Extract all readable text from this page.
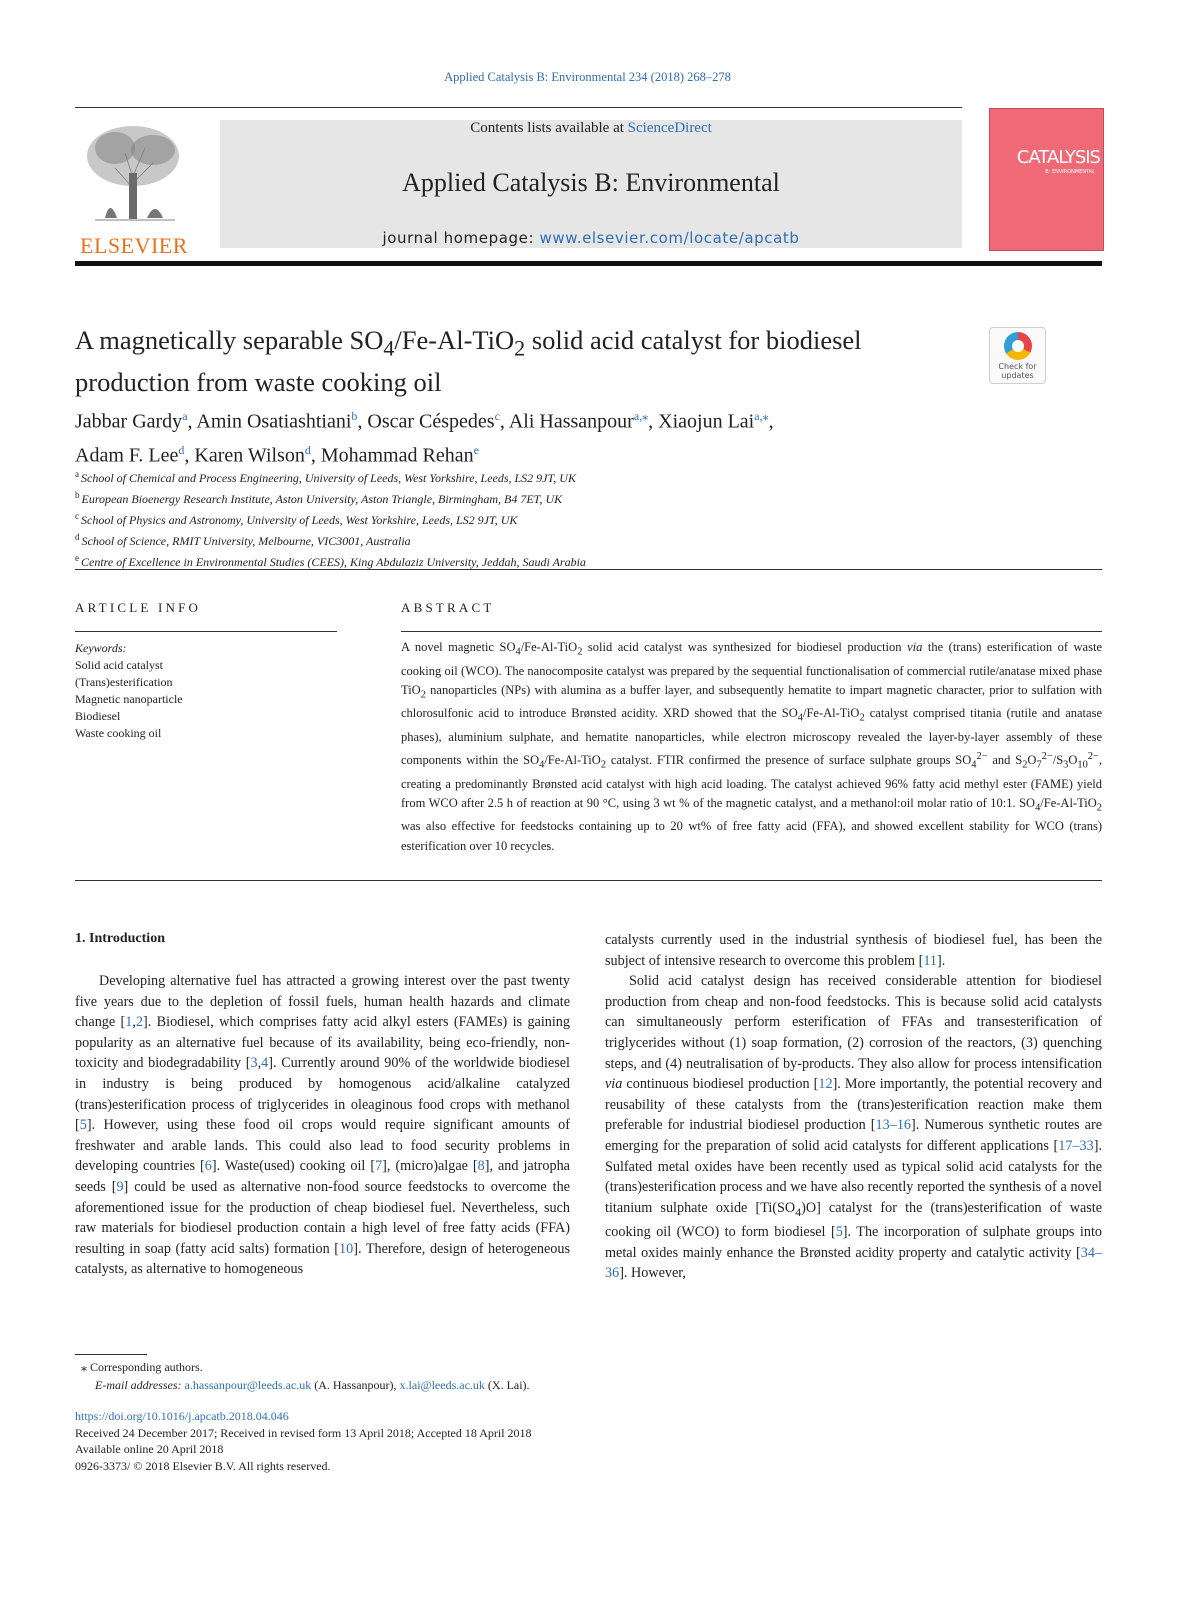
Applied Catalysis B: Environmental 234 (2018) 268–278
ELSEVIER
Contents lists available at ScienceDirect
Applied Catalysis B: Environmental
journal homepage: www.elsevier.com/locate/apcatb
CATALYSIS
B: ENVIRONMENTAL
A magnetically separable $SO_4/Fe-Al-TiO_2$ solid acid catalyst for biodiesel production from waste cooking oil
Check for updates
Jabbar Gardy$^a$, Amin Osatiashtiani$^b$, Oscar Céspedes$^c$, Ali Hassanpour$^{a,⁎}$, Xiaojun Lai$^{a,⁎}$,
Adam F. Lee$^d$, Karen Wilson$^d$, Mohammad Rehan$^e$
$^a$ School of Chemical and Process Engineering, University of Leeds, West Yorkshire, Leeds, LS2 9JT, UK
$^b$ European Bioenergy Research Institute, Aston University, Aston Triangle, Birmingham, B4 7ET, UK
$^c$ School of Physics and Astronomy, University of Leeds, West Yorkshire, Leeds, LS2 9JT, UK
$^d$ School of Science, RMIT University, Melbourne, VIC3001, Australia
$^e$ Centre of Excellence in Environmental Studies (CEES), King Abdulaziz University, Jeddah, Saudi Arabia
ARTICLE INFO	ABSTRACT
Keywords:
Solid acid catalyst
(Trans)esterification
Magnetic nanoparticle
Biodiesel
Waste cooking oil
A novel magnetic $SO_4/Fe-Al-TiO_2$ solid acid catalyst was synthesized for biodiesel production via the (trans) esterification of waste cooking oil (WCO). The nanocomposite catalyst was prepared by the sequential functionalisation of commercial rutile/anatase mixed phase TiO$_2$ nanoparticles (NPs) with alumina as a buffer layer, and subsequently hematite to impart magnetic character, prior to sulfation with chlorosulfonic acid to introduce Brønsted acidity. XRD showed that the $SO_4/Fe-Al-TiO_2$ catalyst comprised titania (rutile and anatase phases), aluminium sulphate, and hematite nanoparticles, while electron microscopy revealed the layer-by-layer assembly of these components within the $SO_4/Fe-Al-TiO_2$ catalyst. FTIR confirmed the presence of surface sulphate groups $SO_4^{2-}$ and $S_2O_7^{2-}/S_3O_{10}^{2-}$, creating a predominantly Brønsted acid catalyst with high acid loading. The catalyst achieved 96% fatty acid methyl ester (FAME) yield from WCO after 2.5 h of reaction at 90 °C, using 3 wt % of the magnetic catalyst, and a methanol:oil molar ratio of 10:1. $SO_4/Fe-Al-TiO_2$ was also effective for feedstocks containing up to 20 wt% of free fatty acid (FFA), and showed excellent stability for WCO (trans) esterification over 10 recycles.
1. Introduction

Developing alternative fuel has attracted a growing interest over the past twenty five years due to the depletion of fossil fuels, human health hazards and climate change [1,2]. Biodiesel, which comprises fatty acid alkyl esters (FAMEs) is gaining popularity as an alternative fuel because of its availability, being eco-friendly, non-toxicity and biodegradability [3,4]. Currently around 90% of the worldwide biodiesel in industry is being produced by homogenous acid/alkaline catalyzed (trans)esterification process of triglycerides in oleaginous food crops with methanol [5]. However, using these food oil crops would require significant amounts of freshwater and arable lands. This could also lead to food security problems in developing countries [6]. Waste(used) cooking oil [7], (micro)algae [8], and jatropha seeds [9] could be used as alternative non-food source feedstocks to overcome the aforementioned issue for the production of cheap biodiesel fuel. Nevertheless, such raw materials for biodiesel production contain a high level of free fatty acids (FFA) resulting in soap (fatty acid salts) formation [10]. Therefore, design of heterogeneous catalysts, as alternative to homogeneous

catalysts currently used in the industrial synthesis of biodiesel fuel, has been the subject of intensive research to overcome this problem [11].

Solid acid catalyst design has received considerable attention for biodiesel production from cheap and non-food feedstocks. This is because solid acid catalysts can simultaneously perform esterification of FFAs and transesterification of triglycerides without (1) soap formation, (2) corrosion of the reactors, (3) quenching steps, and (4) neutralisation of by-products. They also allow for process intensification via continuous biodiesel production [12]. More importantly, the potential recovery and reusability of these catalysts from the (trans)esterification reaction make them preferable for industrial biodiesel production [13–16]. Numerous synthetic routes are emerging for the preparation of solid acid catalysts for different applications [17–33]. Sulfated metal oxides have been recently used as typical solid acid catalysts for the (trans)esterification process and we have also recently reported the synthesis of a novel titanium sulphate oxide $[Ti(SO_4)O]$ catalyst for the (trans)esterification of waste cooking oil (WCO) to form biodiesel [5]. The incorporation of sulphate groups into metal oxides mainly enhance the Brønsted acidity property and catalytic activity [34–36]. However,

⁎ Corresponding authors.
E-mail addresses: a.hassanpour@leeds.ac.uk (A. Hassanpour), x.lai@leeds.ac.uk (X. Lai).
https://doi.org/10.1016/j.apcatb.2018.04.046
Received 24 December 2017; Received in revised form 13 April 2018; Accepted 18 April 2018
Available online 20 April 2018
0926-3373/ © 2018 Elsevier B.V. All rights reserved.
